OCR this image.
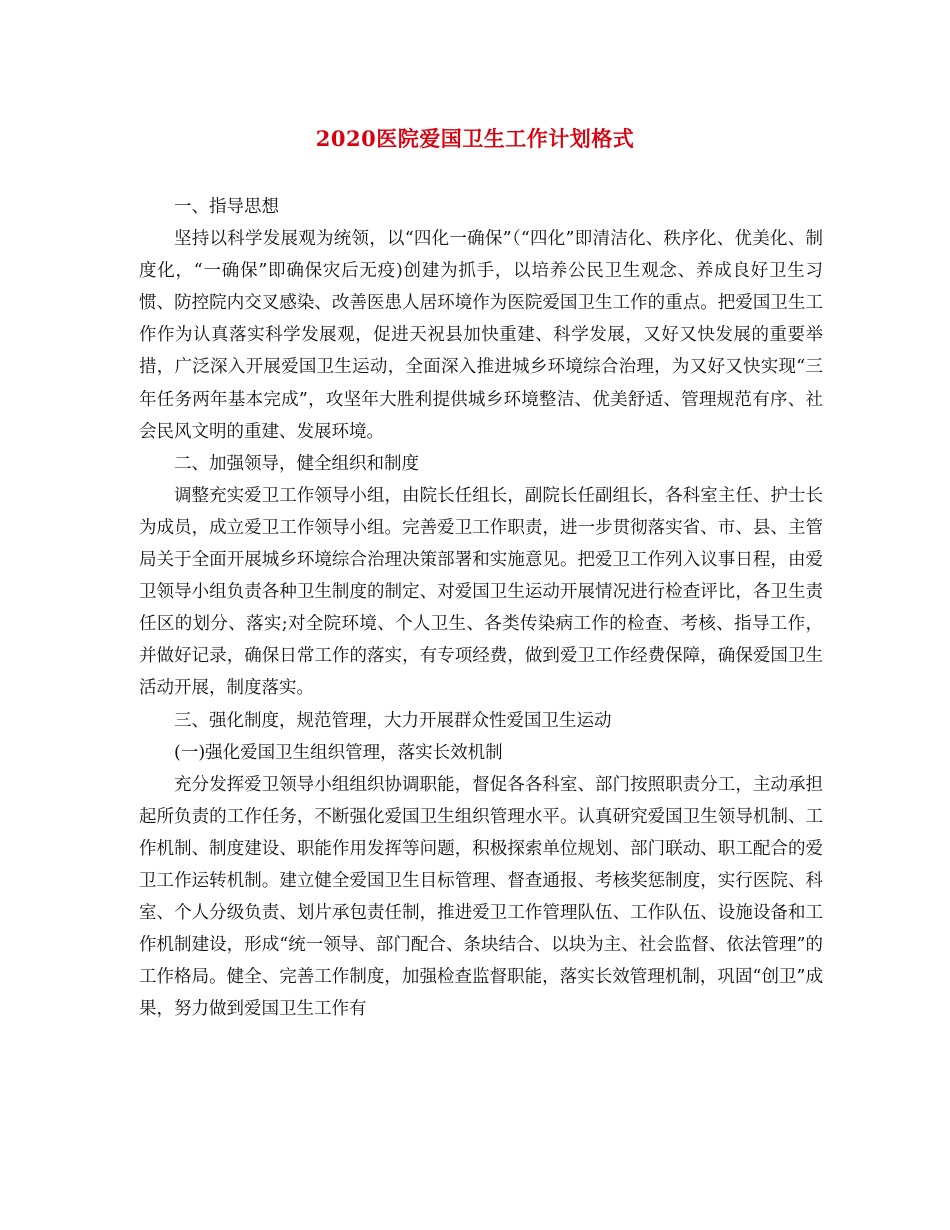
2020医院爱国卫生工作计划格式

一、指导思想

坚持以科学发展观为统领，以“四化一确保”（“四化”即清洁化、秩序化、优美化、制度化，“一确保”即确保灾后无疫)创建为抓手，以培养公民卫生观念、养成良好卫生习惯、防控院内交叉感染、改善医患人居环境作为医院爱国卫生工作的重点。把爱国卫生工作作为认真落实科学发展观，促进天祝县加快重建、科学发展，又好又快发展的重要举措，广泛深入开展爱国卫生运动，全面深入推进城乡环境综合治理，为又好又快实现“三年任务两年基本完成”，攻坚年大胜利提供城乡环境整洁、优美舒适、管理规范有序、社会民风文明的重建、发展环境。

二、加强领导，健全组织和制度

调整充实爱卫工作领导小组，由院长任组长，副院长任副组长，各科室主任、护士长为成员，成立爱卫工作领导小组。完善爱卫工作职责，进一步贯彻落实省、市、县、主管局关于全面开展城乡环境综合治理决策部署和实施意见。把爱卫工作列入议事日程，由爱卫领导小组负责各种卫生制度的制定、对爱国卫生运动开展情况进行检查评比，各卫生责任区的划分、落实;对全院环境、个人卫生、各类传染病工作的检查、考核、指导工作，并做好记录，确保日常工作的落实，有专项经费，做到爱卫工作经费保障，确保爱国卫生活动开展，制度落实。

三、强化制度，规范管理，大力开展群众性爱国卫生运动

(一)强化爱国卫生组织管理，落实长效机制

充分发挥爱卫领导小组组织协调职能，督促各各科室、部门按照职责分工，主动承担起所负责的工作任务，不断强化爱国卫生组织管理水平。认真研究爱国卫生领导机制、工作机制、制度建设、职能作用发挥等问题，积极探索单位规划、部门联动、职工配合的爱卫工作运转机制。建立健全爱国卫生目标管理、督查通报、考核奖惩制度，实行医院、科室、个人分级负责、划片承包责任制，推进爱卫工作管理队伍、工作队伍、设施设备和工作机制建设，形成“统一领导、部门配合、条块结合、以块为主、社会监督、依法管理”的工作格局。健全、完善工作制度，加强检查监督职能，落实长效管理机制，巩固“创卫”成果，努力做到爱国卫生工作有
